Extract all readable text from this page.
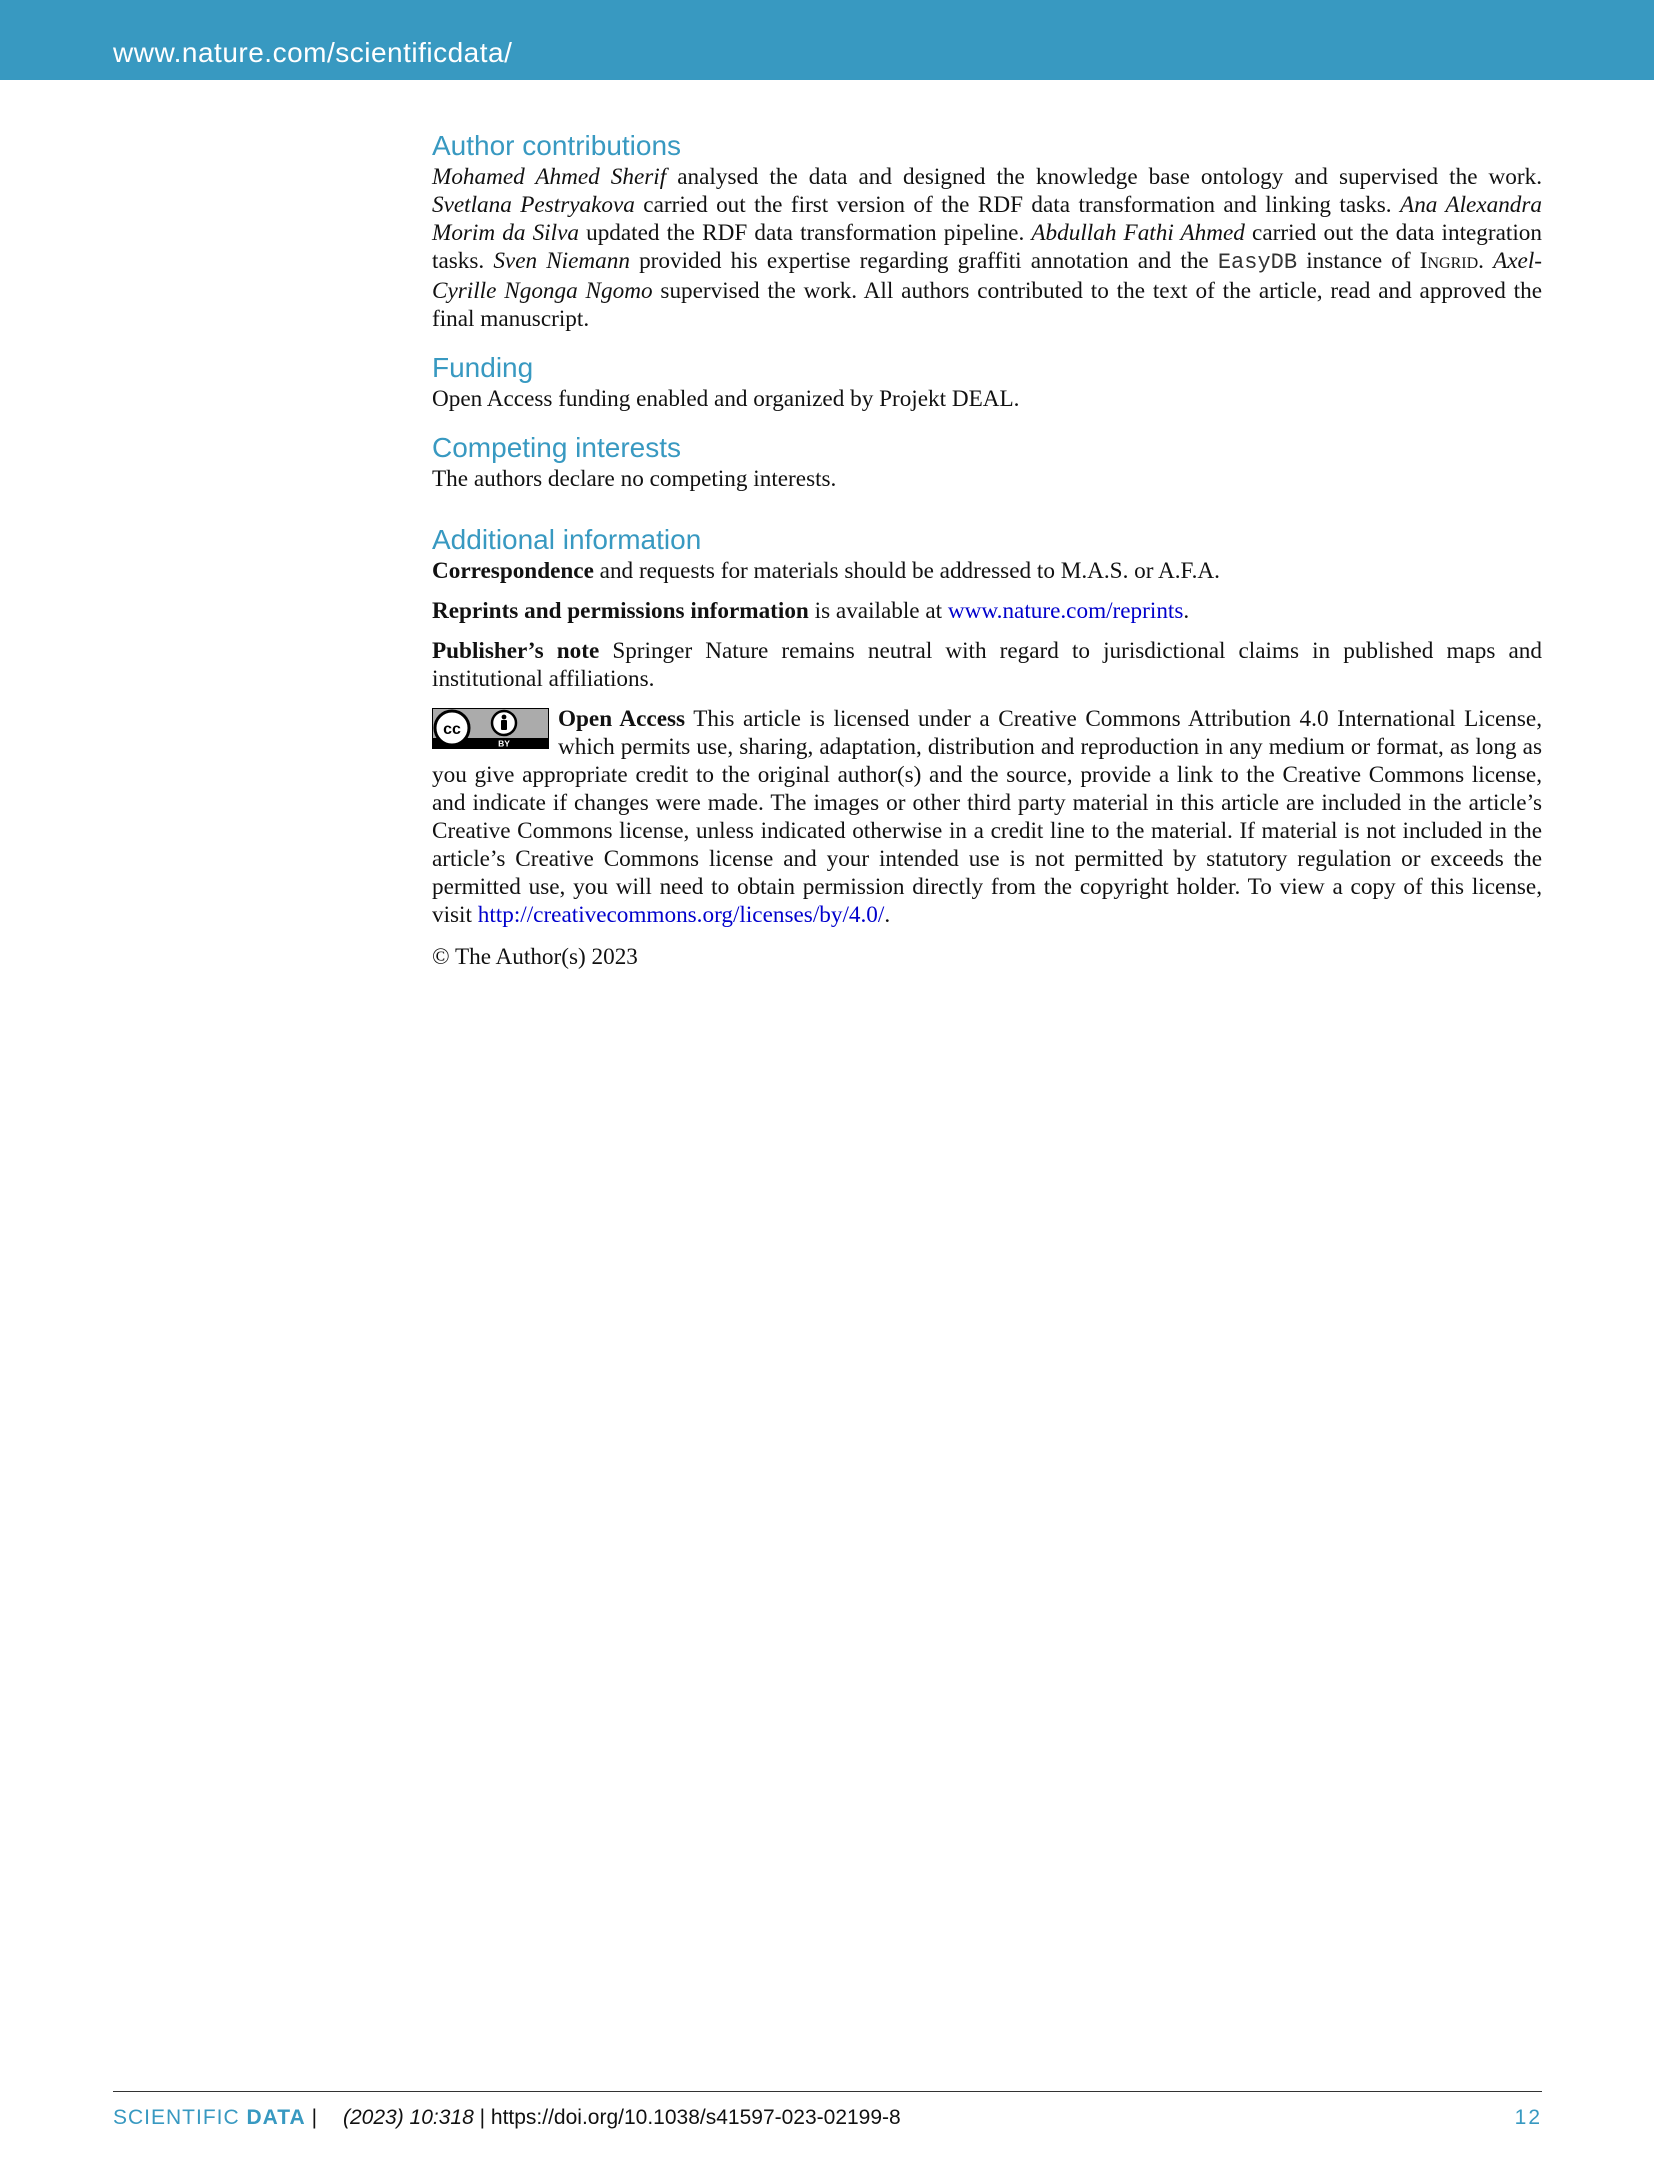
www.nature.com/scientificdata/
Author contributions

Mohamed Ahmed Sherif analysed the data and designed the knowledge base ontology and supervised the work. Svetlana Pestryakova carried out the first version of the RDF data transformation and linking tasks. Ana Alexandra Morim da Silva updated the RDF data transformation pipeline. Abdullah Fathi Ahmed carried out the data integration tasks. Sven Niemann provided his expertise regarding graffiti annotation and the EasyDB instance of Ingrid. Axel-Cyrille Ngonga Ngomo supervised the work. All authors contributed to the text of the article, read and approved the final manuscript.

Funding

Open Access funding enabled and organized by Projekt DEAL.

Competing interests

The authors declare no competing interests.

Additional information

Correspondence and requests for materials should be addressed to M.A.S. or A.F.A.

Reprints and permissions information is available at www.nature.com/reprints.

Publisher’s note Springer Nature remains neutral with regard to jurisdictional claims in published maps and institutional affiliations.

cc
BY

Open Access This article is licensed under a Creative Commons Attribution 4.0 International License, which permits use, sharing, adaptation, distribution and reproduction in any medium or format, as long as you give appropriate credit to the original author(s) and the source, provide a link to the Creative Commons license, and indicate if changes were made. The images or other third party material in this article are included in the article’s Creative Commons license, unless indicated otherwise in a credit line to the material. If material is not included in the article’s Creative Commons license and your intended use is not permitted by statutory regulation or exceeds the permitted use, you will need to obtain permission directly from the copyright holder. To view a copy of this license, visit http://creativecommons.org/licenses/by/4.0/.

© The Author(s) 2023

SCIENTIFIC DATA | (2023) 10:318 | https://doi.org/10.1038/s41597-023-02199-8	12
